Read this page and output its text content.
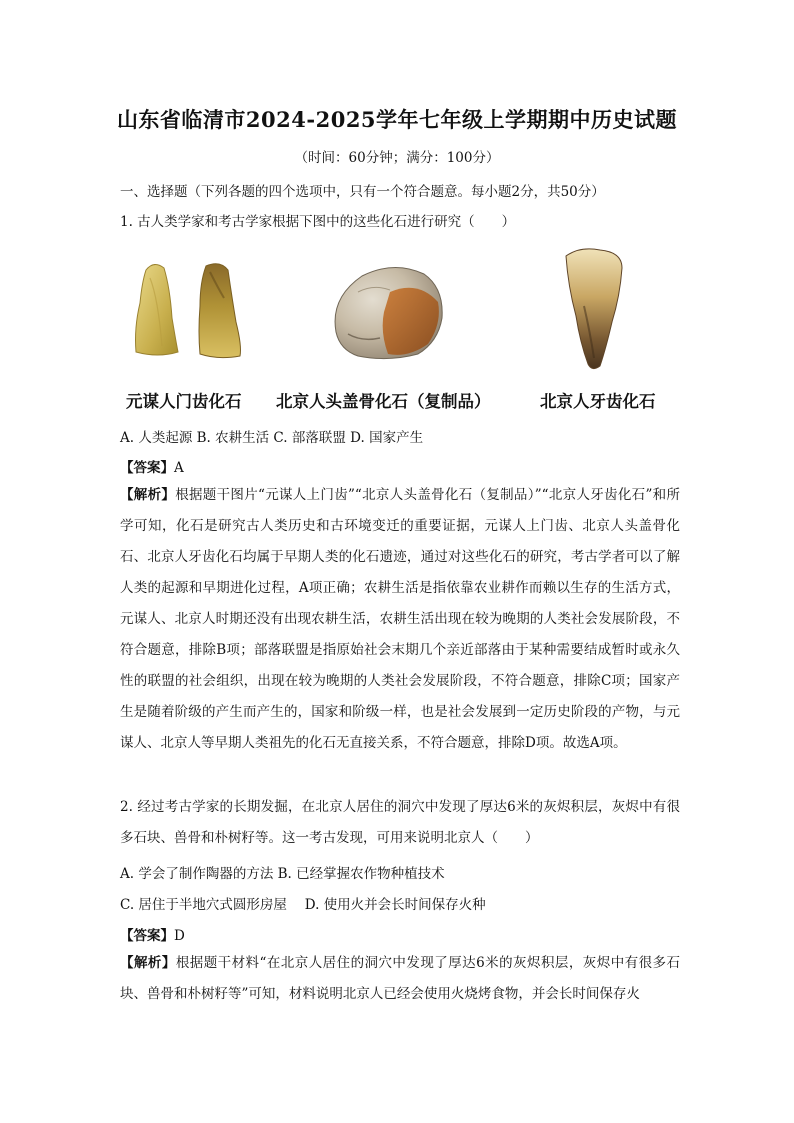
山东省临清市2024-2025学年七年级上学期期中历史试题
（时间：60分钟；满分：100分）
一、选择题（下列各题的四个选项中，只有一个符合题意。每小题2分，共50分）
1. 古人类学家和考古学家根据下图中的这些化石进行研究（　　）
元谋人门齿化石 北京人头盖骨化石（复制品）	北京人牙齿化石
A. 人类起源 B. 农耕生活 C. 部落联盟 D. 国家产生
【答案】A
【解析】根据题干图片“元谋人上门齿”“北京人头盖骨化石（复制品）”“北京人牙齿化石”和所学可知，化石是研究古人类历史和古环境变迁的重要证据，元谋人上门齿、北京人头盖骨化石、北京人牙齿化石均属于早期人类的化石遗迹，通过对这些化石的研究，考古学者可以了解人类的起源和早期进化过程，A项正确；农耕生活是指依靠农业耕作而赖以生存的生活方式，元谋人、北京人时期还没有出现农耕生活，农耕生活出现在较为晚期的人类社会发展阶段，不符合题意，排除B项；部落联盟是指原始社会末期几个亲近部落由于某种需要结成暂时或永久性的联盟的社会组织，出现在较为晚期的人类社会发展阶段，不符合题意，排除C项；国家产生是随着阶级的产生而产生的，国家和阶级一样，也是社会发展到一定历史阶段的产物，与元谋人、北京人等早期人类祖先的化石无直接关系，不符合题意，排除D项。故选A项。
2. 经过考古学家的长期发掘，在北京人居住的洞穴中发现了厚达6米的灰烬积层，灰烬中有很多石块、兽骨和朴树籽等。这一考古发现，可用来说明北京人（　　）
A. 学会了制作陶器的方法 B. 已经掌握农作物种植技术
C. 居住于半地穴式圆形房屋　 D. 使用火并会长时间保存火种
【答案】D
【解析】根据题干材料“在北京人居住的洞穴中发现了厚达6米的灰烬积层，灰烬中有很多石块、兽骨和朴树籽等”可知，材料说明北京人已经会使用火烧烤食物，并会长时间保存火
